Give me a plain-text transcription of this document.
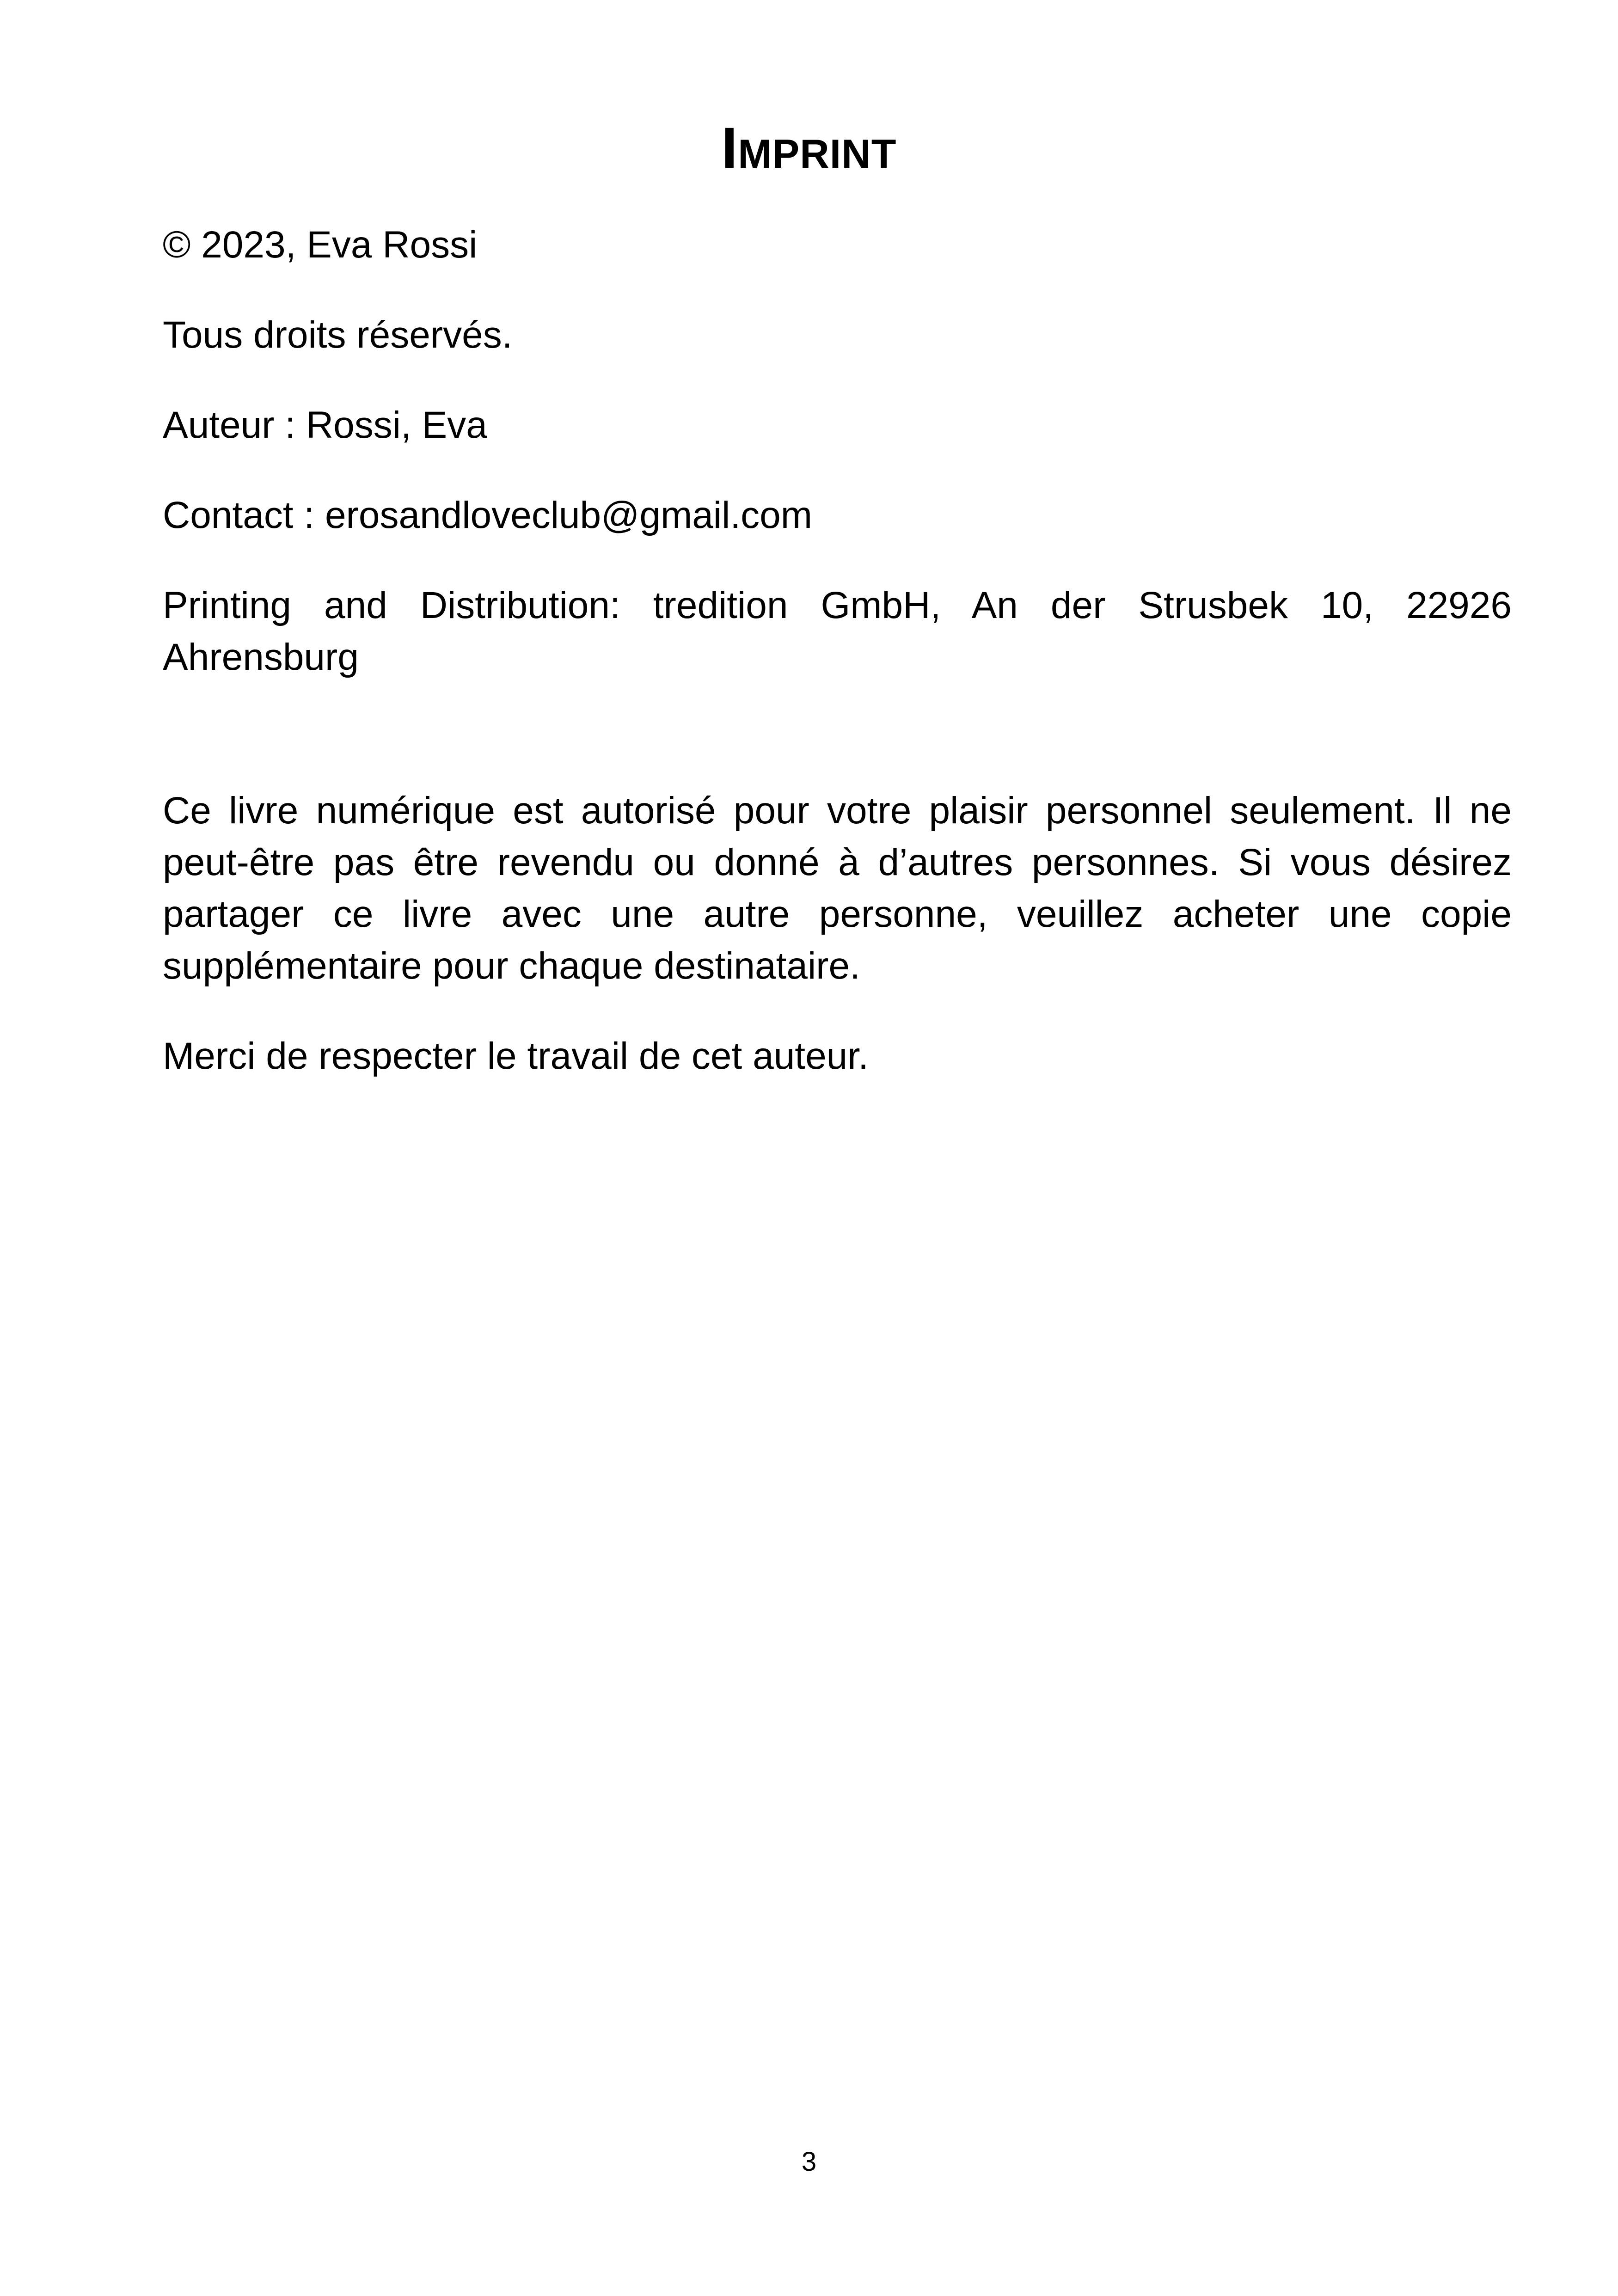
Imprint

© 2023, Eva Rossi

Tous droits réservés.

Auteur : Rossi, Eva

Contact : erosandloveclub@gmail.com

Printing and Distribution: tredition GmbH, An der Strusbek 10, 22926 Ahrensburg

Ce livre numérique est autorisé pour votre plaisir personnel seulement. Il ne peut-être pas être revendu ou donné à d’autres personnes. Si vous désirez partager ce livre avec une autre personne, veuillez acheter une copie supplémentaire pour chaque destinataire.

Merci de respecter le travail de cet auteur.

3
